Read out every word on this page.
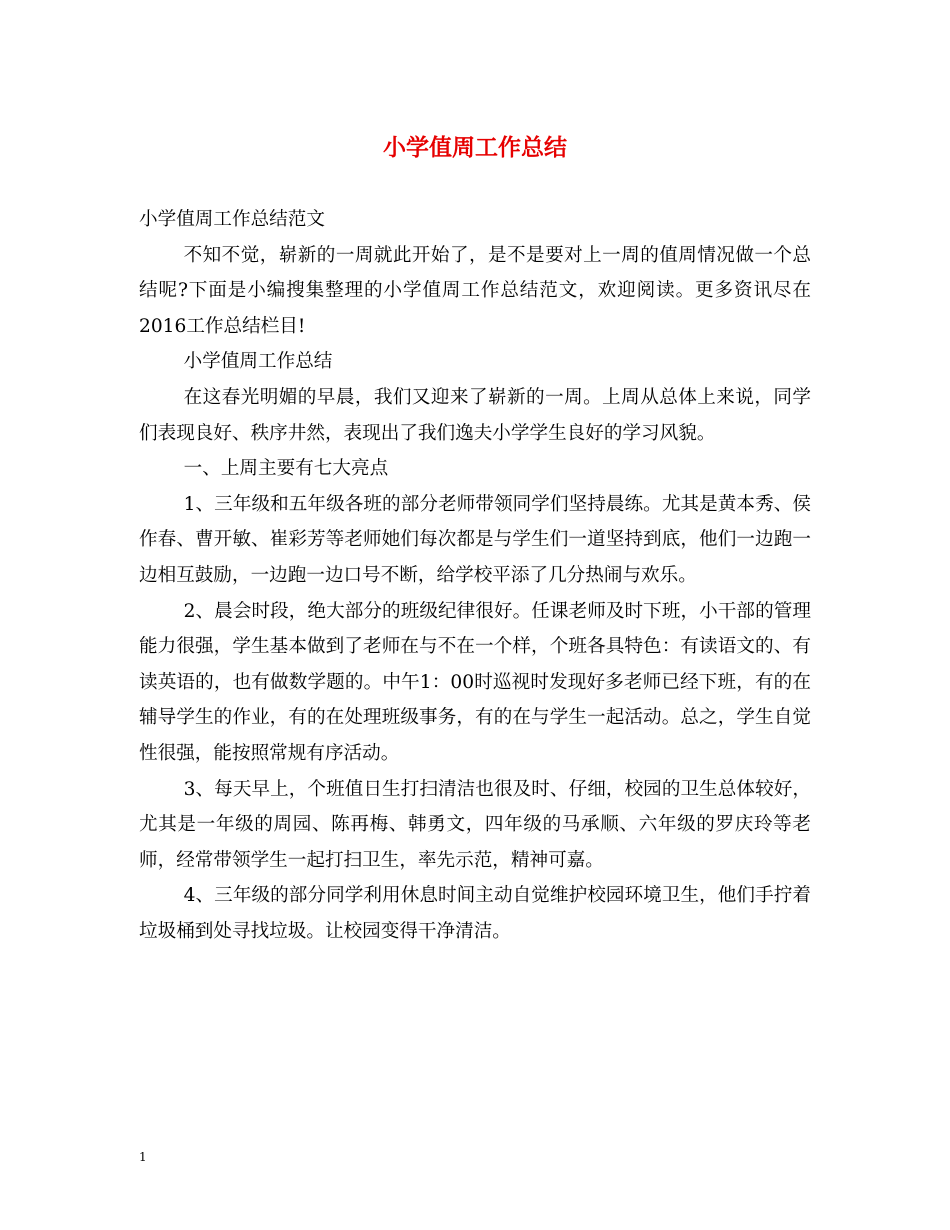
小学值周工作总结

小学值周工作总结范文

不知不觉，崭新的一周就此开始了，是不是要对上一周的值周情况做一个总结呢?下面是小编搜集整理的小学值周工作总结范文，欢迎阅读。更多资讯尽在2016工作总结栏目!

小学值周工作总结

在这春光明媚的早晨，我们又迎来了崭新的一周。上周从总体上来说，同学们表现良好、秩序井然，表现出了我们逸夫小学学生良好的学习风貌。

一、上周主要有七大亮点

1、三年级和五年级各班的部分老师带领同学们坚持晨练。尤其是黄本秀、侯作春、曹开敏、崔彩芳等老师她们每次都是与学生们一道坚持到底，他们一边跑一边相互鼓励，一边跑一边口号不断，给学校平添了几分热闹与欢乐。

2、晨会时段，绝大部分的班级纪律很好。任课老师及时下班，小干部的管理能力很强，学生基本做到了老师在与不在一个样，个班各具特色：有读语文的、有读英语的，也有做数学题的。中午1：00时巡视时发现好多老师已经下班，有的在辅导学生的作业，有的在处理班级事务，有的在与学生一起活动。总之，学生自觉性很强，能按照常规有序活动。

3、每天早上，个班值日生打扫清洁也很及时、仔细，校园的卫生总体较好，尤其是一年级的周园、陈再梅、韩勇文，四年级的马承顺、六年级的罗庆玲等老师，经常带领学生一起打扫卫生，率先示范，精神可嘉。

4、三年级的部分同学利用休息时间主动自觉维护校园环境卫生，他们手拧着垃圾桶到处寻找垃圾。让校园变得干净清洁。

1
